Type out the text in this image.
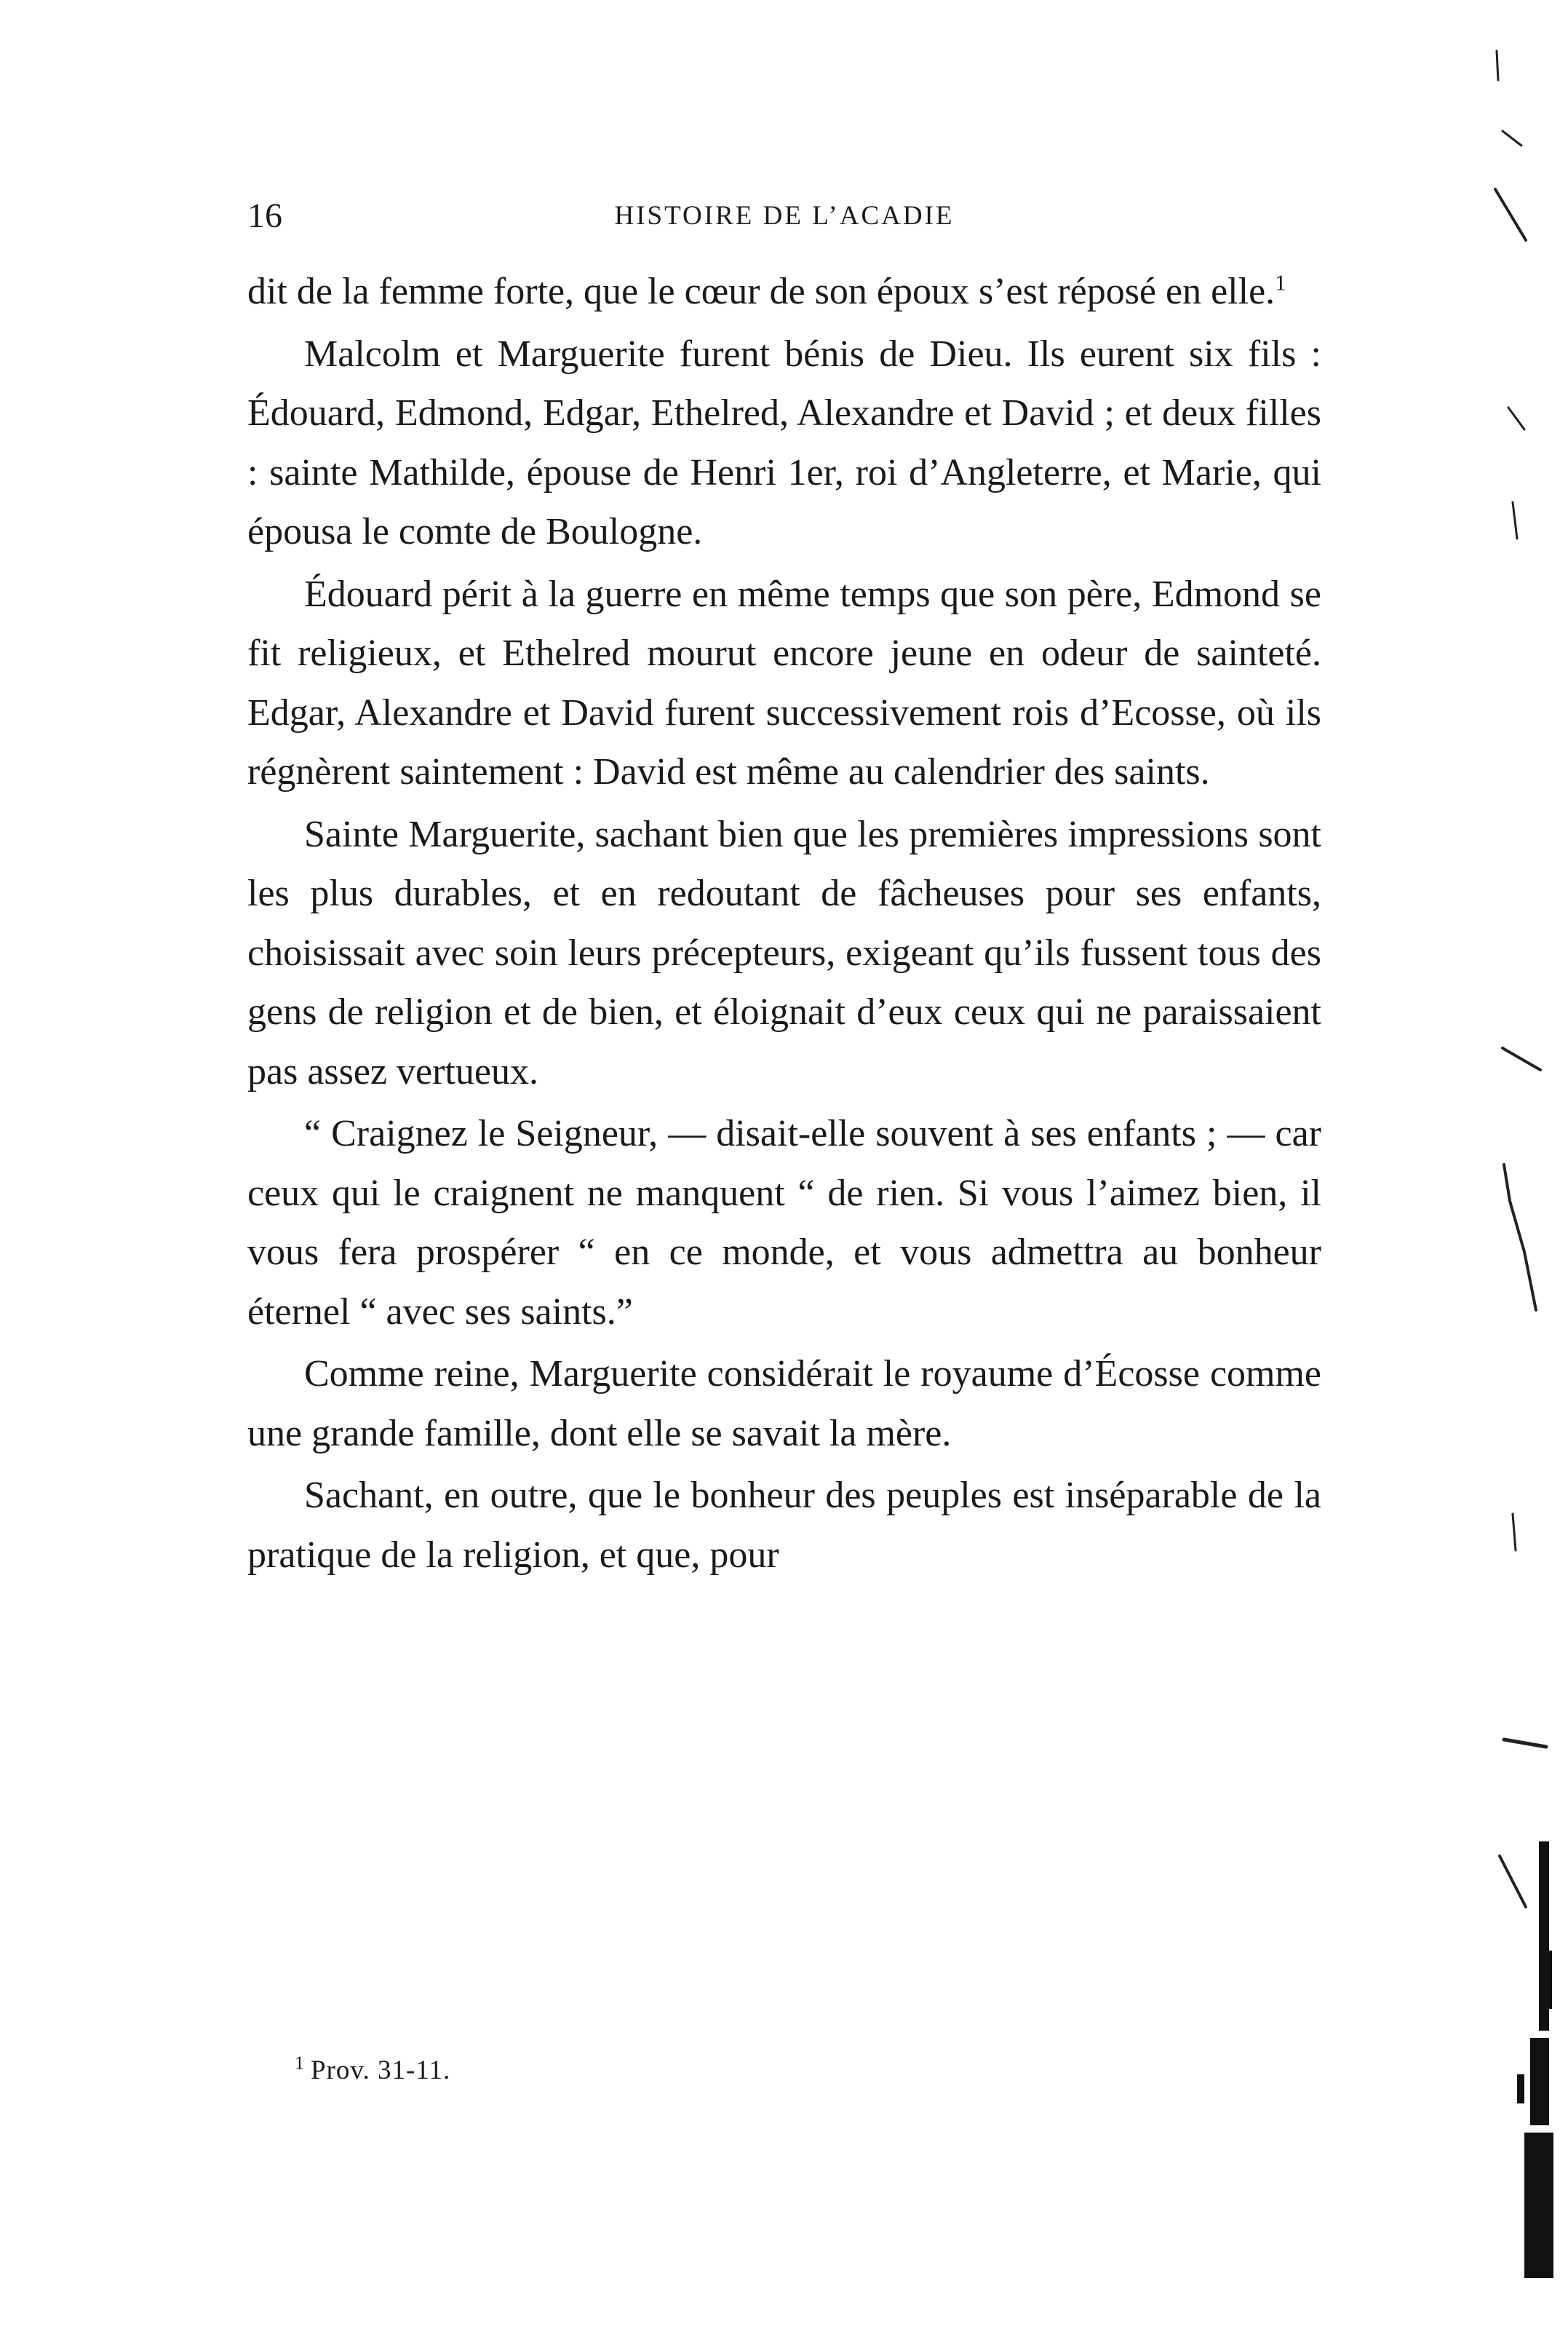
16	HISTOIRE DE L’ACADIE

dit de la femme forte, que le cœur de son époux s’est réposé en elle.$^1$

Malcolm et Marguerite furent bénis de Dieu. Ils eurent six fils : Édouard, Edmond, Edgar, Ethelred, Alexandre et David ; et deux filles : sainte Mathilde, épouse de Henri 1er, roi d’Angleterre, et Marie, qui épousa le comte de Boulogne.

Édouard périt à la guerre en même temps que son père, Edmond se fit religieux, et Ethelred mourut encore jeune en odeur de sainteté. Edgar, Alexandre et David furent successivement rois d’Ecosse, où ils régnèrent saintement : David est même au calendrier des saints.

Sainte Marguerite, sachant bien que les premières impressions sont les plus durables, et en redoutant de fâcheuses pour ses enfants, choisissait avec soin leurs précepteurs, exigeant qu’ils fussent tous des gens de religion et de bien, et éloignait d’eux ceux qui ne paraissaient pas assez vertueux.

“ Craignez le Seigneur, — disait-elle souvent à ses enfants ; — car ceux qui le craignent ne manquent “ de rien. Si vous l’aimez bien, il vous fera prospérer “ en ce monde, et vous admettra au bonheur éternel “ avec ses saints.”

Comme reine, Marguerite considérait le royaume d’Écosse comme une grande famille, dont elle se savait la mère.

Sachant, en outre, que le bonheur des peuples est inséparable de la pratique de la religion, et que, pour

$^1$ Prov. 31-11.
